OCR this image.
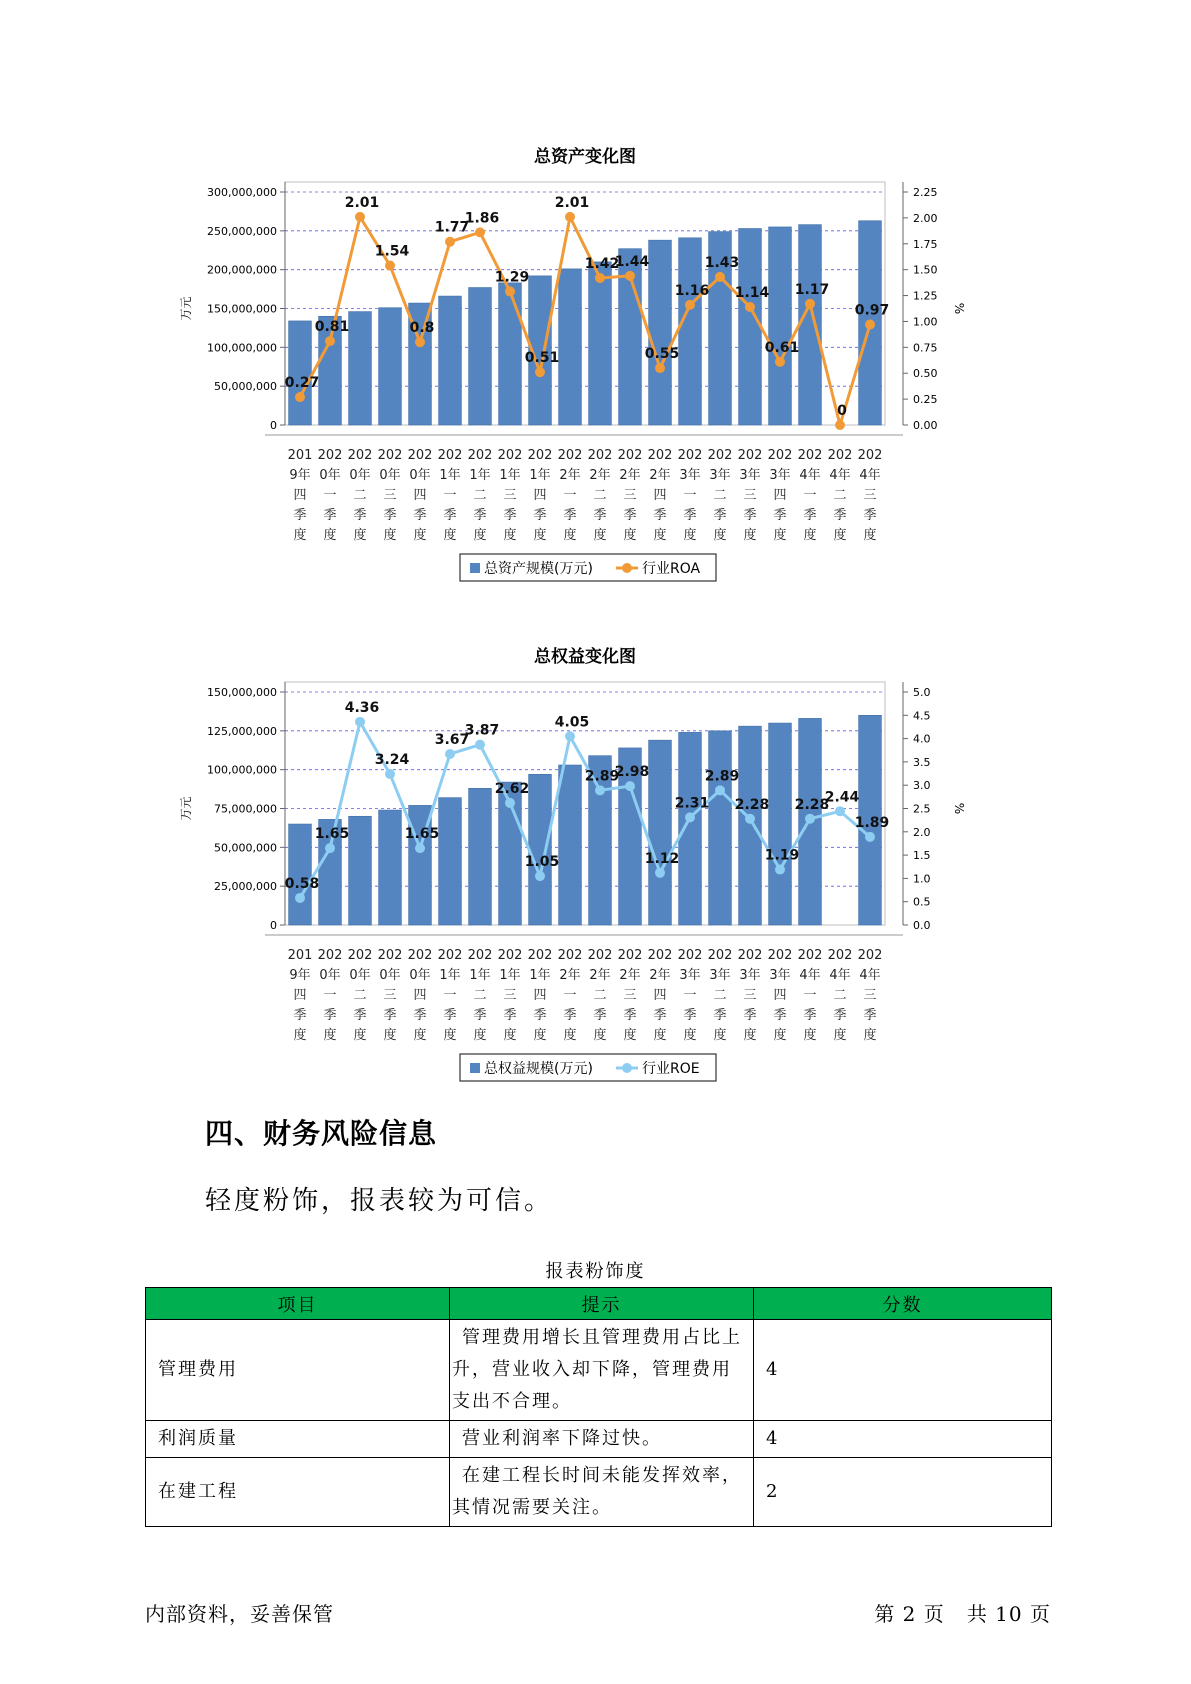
总资产变化图
0
50,000,000
100,000,000
150,000,000
200,000,000
250,000,000
300,000,000
0.00
0.25
0.50
0.75
1.00
1.25
1.50
1.75
2.00
2.25
万元	%
0.27
0.81
2.01
1.54
0.8
1.77
1.86
1.29
0.51
2.01
1.42
1.44
0.55
1.16
1.43
1.14
0.61
1.17
0
0.97
201
9年
四
季
度
202
0年
一
季
度
202
0年
二
季
度
202
0年
三
季
度
202
0年
四
季
度
202
1年
一
季
度
202
1年
二
季
度
202
1年
三
季
度
202
1年
四
季
度
202
2年
一
季
度
202
2年
二
季
度
202
2年
三
季
度
202
2年
四
季
度
202
3年
一
季
度
202
3年
二
季
度
202
3年
三
季
度
202
3年
四
季
度
202
4年
一
季
度
202
4年
二
季
度
202
4年
三
季
度
总资产规模(万元)	行业ROA
总权益变化图
0
25,000,000
50,000,000
75,000,000
100,000,000
125,000,000
150,000,000
0.0
0.5
1.0
1.5
2.0
2.5
3.0
3.5
4.0
4.5
5.0
万元	%
0.58
1.65
4.36
3.24
1.65
3.67
3.87
2.62
1.05
4.05
2.89
2.98
1.12
2.31
2.89
2.28
1.19
2.28
2.44
1.89
201
9年
四
季
度
202
0年
一
季
度
202
0年
二
季
度
202
0年
三
季
度
202
0年
四
季
度
202
1年
一
季
度
202
1年
二
季
度
202
1年
三
季
度
202
1年
四
季
度
202
2年
一
季
度
202
2年
二
季
度
202
2年
三
季
度
202
2年
四
季
度
202
3年
一
季
度
202
3年
二
季
度
202
3年
三
季
度
202
3年
四
季
度
202
4年
一
季
度
202
4年
二
季
度
202
4年
三
季
度
总权益规模(万元)	行业ROE
四、财务风险信息
轻度粉饰，报表较为可信。
报表粉饰度
项目	提示	分数
管理费用	管理费用增长且管理费用占比上升，营业收入却下降，管理费用支出不合理。	4
利润质量	营业利润率下降过快。	4
在建工程	在建工程长时间未能发挥效率，其情况需要关注。	2
内部资料，妥善保管	第 2 页   共 10 页
